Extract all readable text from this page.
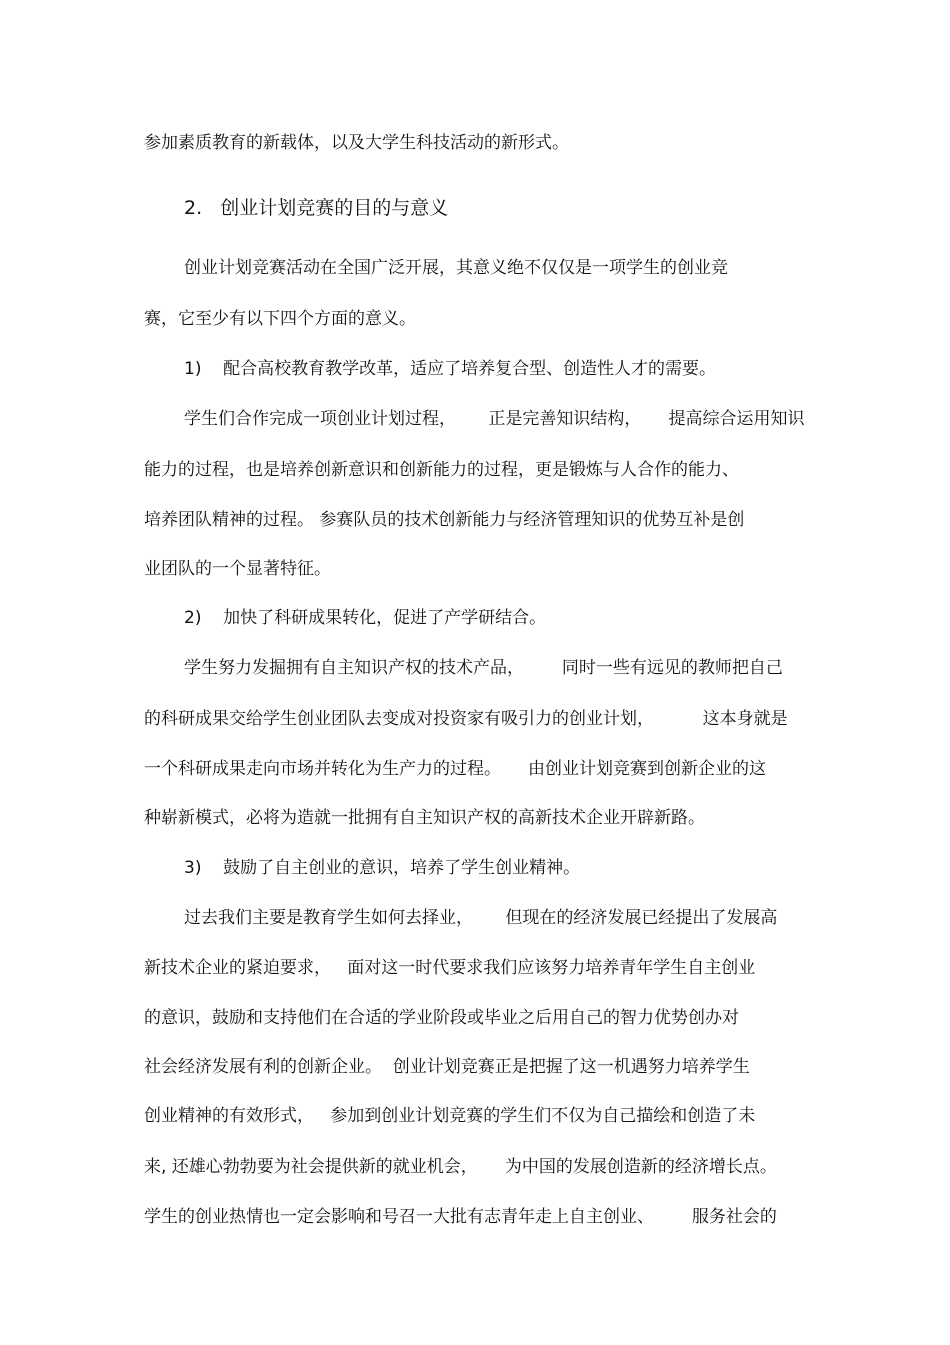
参加素质教育的新载体，以及大学生科技活动的新形式。
2.   创业计划竞赛的目的与意义
创业计划竞赛活动在全国广泛开展，其意义绝不仅仅是一项学生的创业竞
赛，它至少有以下四个方面的意义。
1)    配合高校教育教学改革，适应了培养复合型、创造性人才的需要。
学生们合作完成一项创业计划过程，      正是完善知识结构，     提高综合运用知识
能力的过程，也是培养创新意识和创新能力的过程，更是锻炼与人合作的能力、
培养团队精神的过程。 参赛队员的技术创新能力与经济管理知识的优势互补是创
业团队的一个显著特征。
2)    加快了科研成果转化，促进了产学研结合。
学生努力发掘拥有自主知识产权的技术产品，       同时一些有远见的教师把自己
的科研成果交给学生创业团队去变成对投资家有吸引力的创业计划，         这本身就是
一个科研成果走向市场并转化为生产力的过程。     由创业计划竞赛到创新企业的这
种崭新模式，必将为造就一批拥有自主知识产权的高新技术企业开辟新路。
3)    鼓励了自主创业的意识，培养了学生创业精神。
过去我们主要是教育学生如何去择业，      但现在的经济发展已经提出了发展高
新技术企业的紧迫要求，   面对这一时代要求我们应该努力培养青年学生自主创业
的意识，鼓励和支持他们在合适的学业阶段或毕业之后用自己的智力优势创办对
社会经济发展有利的创新企业。  创业计划竞赛正是把握了这一机遇努力培养学生
创业精神的有效形式，   参加到创业计划竞赛的学生们不仅为自己描绘和创造了未
来, 还雄心勃勃要为社会提供新的就业机会，     为中国的发展创造新的经济增长点。
学生的创业热情也一定会影响和号召一大批有志青年走上自主创业、       服务社会的
